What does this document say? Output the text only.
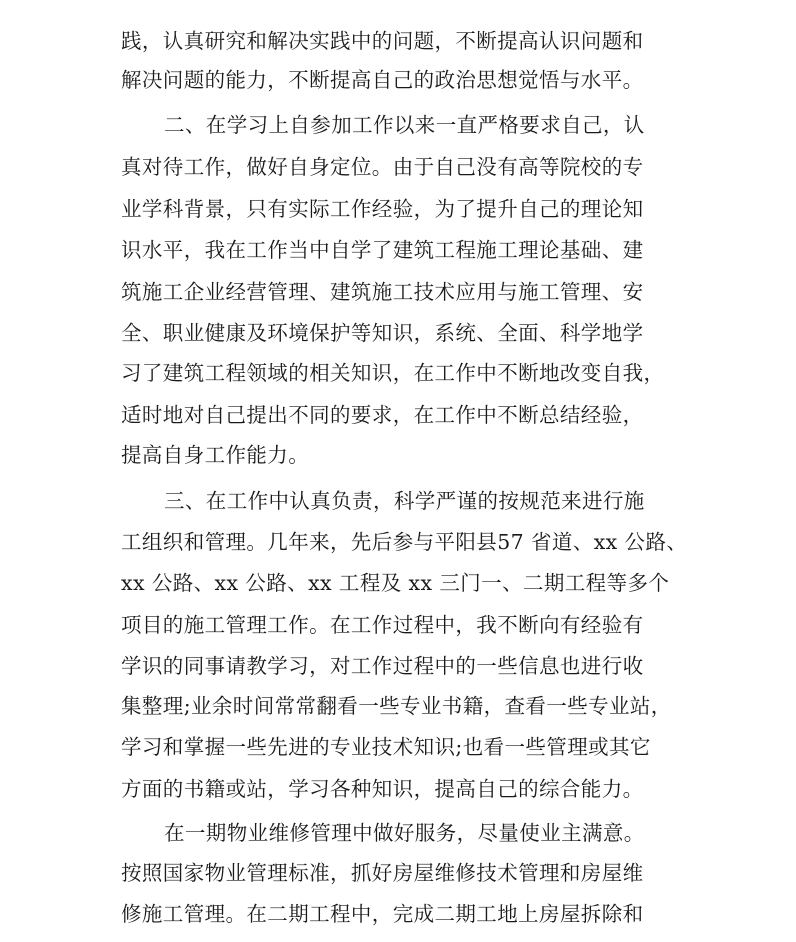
践，认真研究和解决实践中的问题，不断提高认识问题和
解决问题的能力，不断提高自己的政治思想觉悟与水平。
二、在学习上自参加工作以来一直严格要求自己，认
真对待工作，做好自身定位。由于自己没有高等院校的专
业学科背景，只有实际工作经验，为了提升自己的理论知
识水平，我在工作当中自学了建筑工程施工理论基础、建
筑施工企业经营管理、建筑施工技术应用与施工管理、安
全、职业健康及环境保护等知识，系统、全面、科学地学
习了建筑工程领域的相关知识，在工作中不断地改变自我，
适时地对自己提出不同的要求，在工作中不断总结经验，
提高自身工作能力。
三、在工作中认真负责，科学严谨的按规范来进行施
工组织和管理。几年来，先后参与平阳县57 省道、xx 公路、
xx 公路、xx 公路、xx 工程及 xx 三门一、二期工程等多个
项目的施工管理工作。在工作过程中，我不断向有经验有
学识的同事请教学习，对工作过程中的一些信息也进行收
集整理;业余时间常常翻看一些专业书籍，查看一些专业站，
学习和掌握一些先进的专业技术知识;也看一些管理或其它
方面的书籍或站，学习各种知识，提高自己的综合能力。
在一期物业维修管理中做好服务，尽量使业主满意。
按照国家物业管理标准，抓好房屋维修技术管理和房屋维
修施工管理。在二期工程中，完成二期工地上房屋拆除和
